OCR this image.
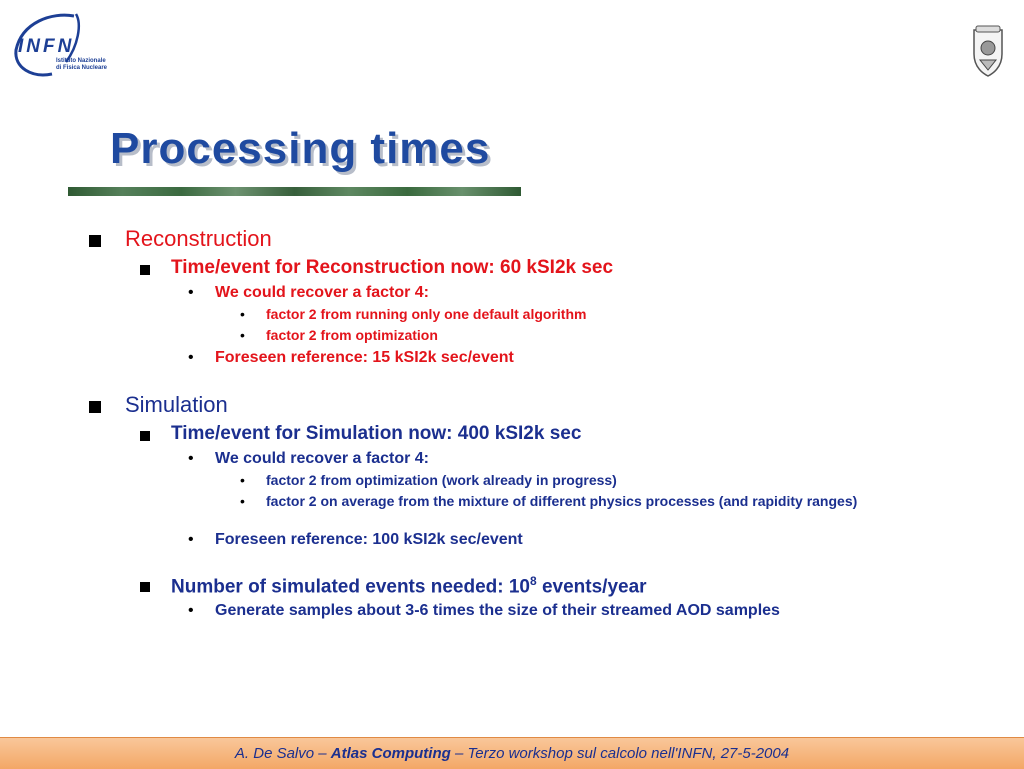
INFN
Istituto Nazionale
di Fisica Nucleare
Processing times
Reconstruction
Time/event for Reconstruction now: 60 kSI2k sec
• We could recover a factor 4:
• factor 2 from running only one default algorithm
• factor 2 from optimization
• Foreseen reference: 15 kSI2k sec/event
Simulation
Time/event for Simulation now: 400 kSI2k sec
• We could recover a factor 4:
• factor 2 from optimization (work already in progress)
• factor 2 on average from the mixture of different physics processes (and rapidity ranges)
• Foreseen reference: 100 kSI2k sec/event
Number of simulated events needed: $10^8$ events/year
• Generate samples about 3-6 times the size of their streamed AOD samples
A. De Salvo – Atlas Computing – Terzo workshop sul calcolo nell'INFN, 27-5-2004
